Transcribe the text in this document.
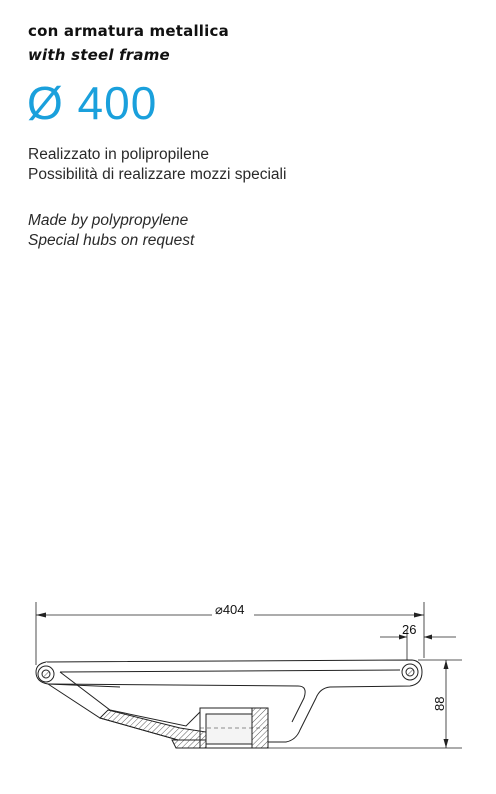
con armatura metallica
with steel frame
Ø 400
Realizzato in polipropilene
Possibilità di realizzare mozzi speciali
Made by polypropylene
Special hubs on request
⌀404
26
88
